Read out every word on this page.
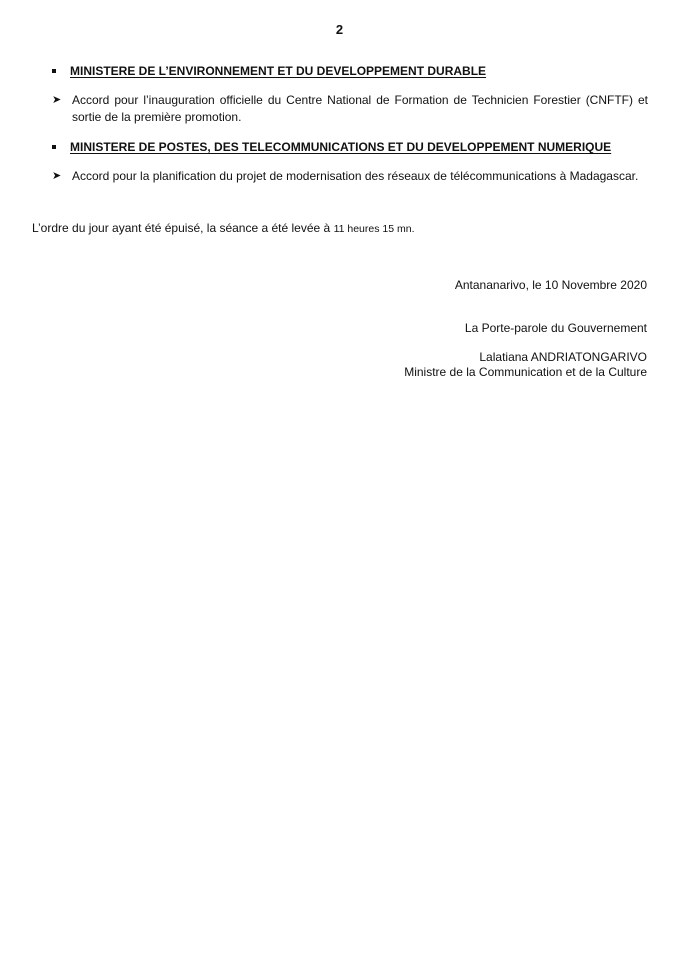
2
MINISTERE DE L’ENVIRONNEMENT ET DU DEVELOPPEMENT DURABLE
➤ Accord pour l’inauguration officielle du Centre National de Formation de Technicien Forestier (CNFTF) et sortie de la première promotion.
MINISTERE DE POSTES, DES TELECOMMUNICATIONS ET DU DEVELOPPEMENT NUMERIQUE
➤ Accord pour la planification du projet de modernisation des réseaux de télécommunications à Madagascar.
L’ordre du jour ayant été épuisé, la séance a été levée à 11 heures 15 mn.
Antananarivo, le 10 Novembre 2020
La Porte-parole du Gouvernement
Lalatiana ANDRIATONGARIVO
Ministre de la Communication et de la Culture
